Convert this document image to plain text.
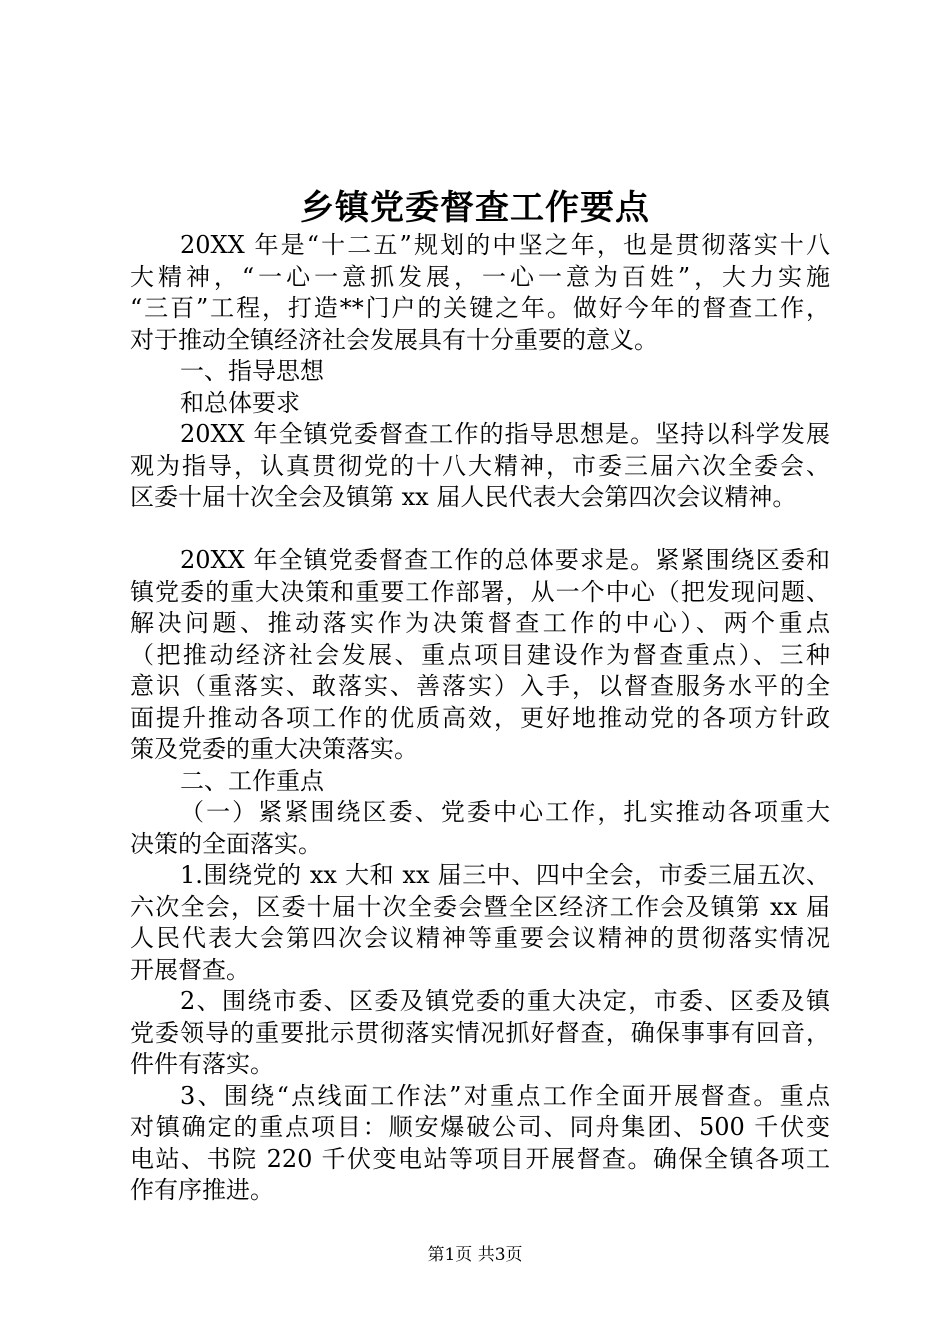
乡镇党委督查工作要点
20XX 年是“十二五”规划的中坚之年，也是贯彻落实十八
大精神，“一心一意抓发展，一心一意为百姓”，大力实施
“三百”工程，打造**门户的关键之年。做好今年的督查工作，
对于推动全镇经济社会发展具有十分重要的意义。
一、指导思想
和总体要求
20XX 年全镇党委督查工作的指导思想是。坚持以科学发展
观为指导，认真贯彻党的十八大精神，市委三届六次全委会、
区委十届十次全会及镇第 xx 届人民代表大会第四次会议精神。
20XX 年全镇党委督查工作的总体要求是。紧紧围绕区委和
镇党委的重大决策和重要工作部署，从一个中心（把发现问题、
解决问题、推动落实作为决策督查工作的中心）、两个重点
（把推动经济社会发展、重点项目建设作为督查重点）、三种
意识（重落实、敢落实、善落实）入手，以督查服务水平的全
面提升推动各项工作的优质高效，更好地推动党的各项方针政
策及党委的重大决策落实。
二、工作重点
（一）紧紧围绕区委、党委中心工作，扎实推动各项重大
决策的全面落实。
1.围绕党的 xx 大和 xx 届三中、四中全会，市委三届五次、
六次全会，区委十届十次全委会暨全区经济工作会及镇第 xx 届
人民代表大会第四次会议精神等重要会议精神的贯彻落实情况
开展督查。
2、围绕市委、区委及镇党委的重大决定，市委、区委及镇
党委领导的重要批示贯彻落实情况抓好督查，确保事事有回音，
件件有落实。
3、围绕“点线面工作法”对重点工作全面开展督查。重点
对镇确定的重点项目：顺安爆破公司、同舟集团、500 千伏变
电站、书院 220 千伏变电站等项目开展督查。确保全镇各项工
作有序推进。
第1页 共3页
